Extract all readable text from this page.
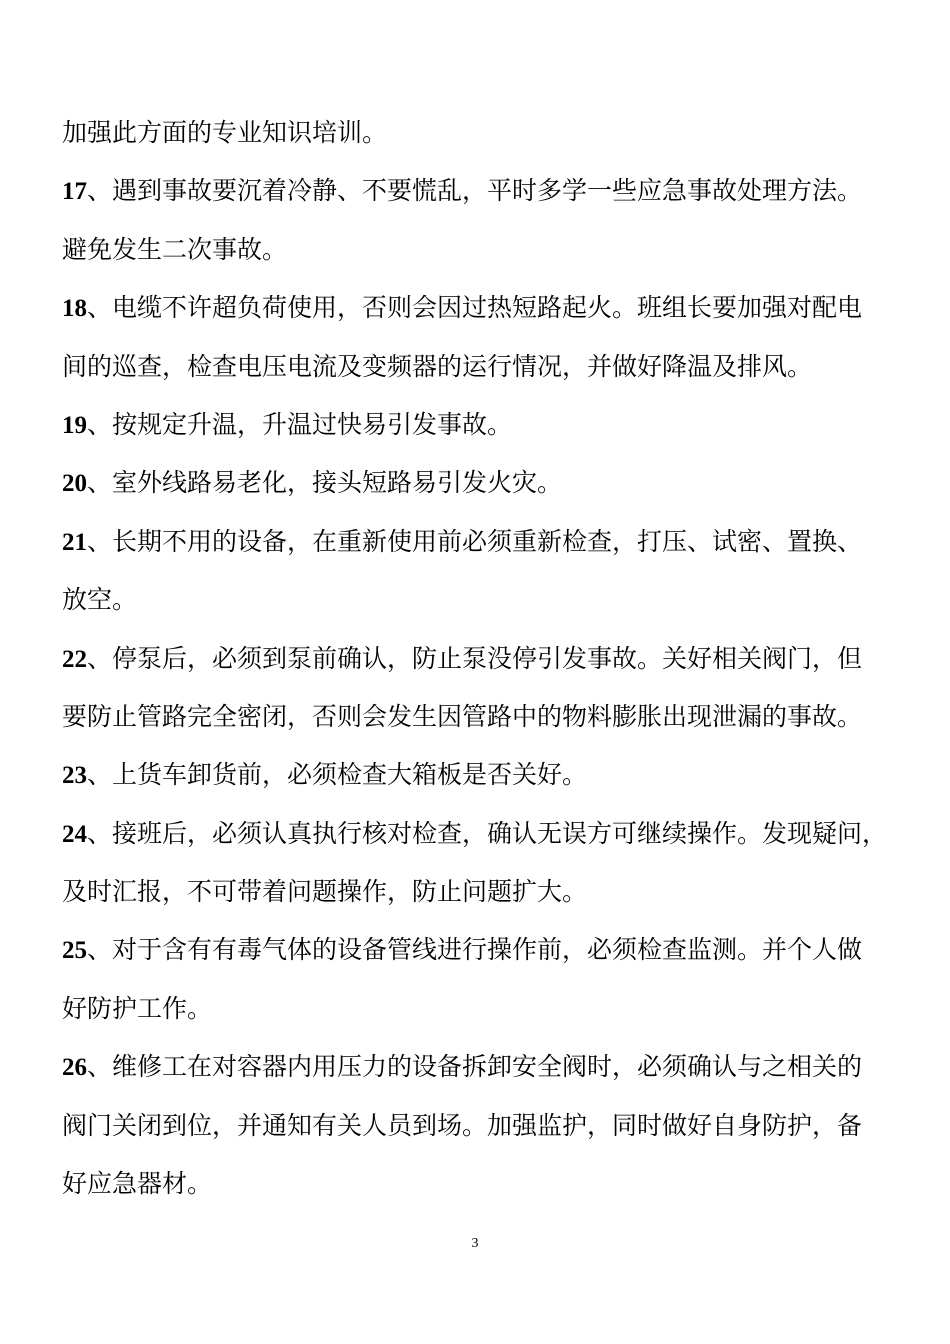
加强此方面的专业知识培训。
17、遇到事故要沉着冷静、不要慌乱，平时多学一些应急事故处理方法。
避免发生二次事故。
18、电缆不许超负荷使用，否则会因过热短路起火。班组长要加强对配电
间的巡查，检查电压电流及变频器的运行情况，并做好降温及排风。
19、按规定升温，升温过快易引发事故。
20、室外线路易老化，接头短路易引发火灾。
21、长期不用的设备，在重新使用前必须重新检查，打压、试密、置换、
放空。
22、停泵后，必须到泵前确认，防止泵没停引发事故。关好相关阀门，但
要防止管路完全密闭，否则会发生因管路中的物料膨胀出现泄漏的事故。
23、上货车卸货前，必须检查大箱板是否关好。
24、接班后，必须认真执行核对检查，确认无误方可继续操作。发现疑问，
及时汇报，不可带着问题操作，防止问题扩大。
25、对于含有有毒气体的设备管线进行操作前，必须检查监测。并个人做
好防护工作。
26、维修工在对容器内用压力的设备拆卸安全阀时，必须确认与之相关的
阀门关闭到位，并通知有关人员到场。加强监护，同时做好自身防护，备
好应急器材。
3
